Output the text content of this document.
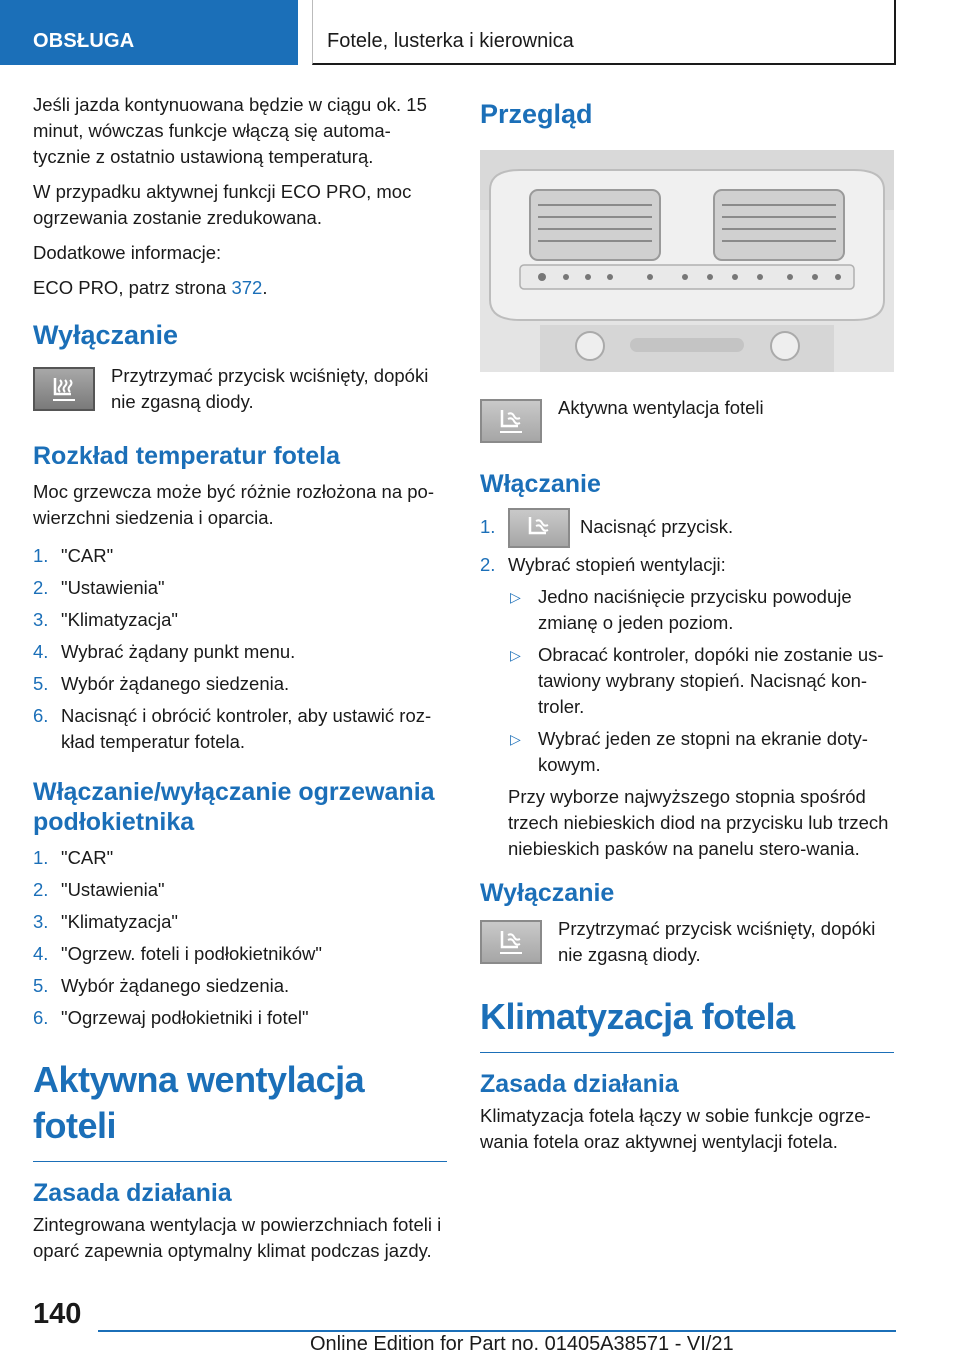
OBSŁUGA	Fotele, lusterka i kierownica

Jeśli jazda kontynuowana będzie w ciągu ok. 15 minut, wówczas funkcje włączą się automa-tycznie z ostatnio ustawioną temperaturą.

W przypadku aktywnej funkcji ECO PRO, moc ogrzewania zostanie zredukowana.

Dodatkowe informacje:

ECO PRO, patrz strona 372.

Wyłączanie

Przytrzymać przycisk wciśnięty, dopóki nie zgasną diody.

Rozkład temperatur fotela

Moc grzewcza może być różnie rozłożona na po-wierzchni siedzenia i oparcia.

1. "CAR"
2. "Ustawienia"
3. "Klimatyzacja"
4. Wybrać żądany punkt menu.
5. Wybór żądanego siedzenia.
6. Nacisnąć i obrócić kontroler, aby ustawić roz-kład temperatur fotela.
Włączanie/wyłączanie ogrzewania podłokietnika
1. "CAR"
2. "Ustawienia"
3. "Klimatyzacja"
4. "Ogrzew. foteli i podłokietników"
5. Wybór żądanego siedzenia.
6. "Ogrzewaj podłokietniki i fotel"
Aktywna wentylacja foteli
Zasada działania

Zintegrowana wentylacja w powierzchniach foteli i oparć zapewnia optymalny klimat podczas jazdy.

Przegląd

Aktywna wentylacja foteli

Włączanie
1.	Nacisnąć przycisk.
2. Wybrać stopień wentylacji:
▷ Jedno naciśnięcie przycisku powoduje zmianę o jeden poziom.
▷ Obracać kontroler, dopóki nie zostanie us-tawiony wybrany stopień. Nacisnąć kon-troler.
▷ Wybrać jeden ze stopni na ekranie doty-kowym.

Przy wyborze najwyższego stopnia spośród trzech niebieskich diod na przycisku lub trzech niebieskich pasków na panelu stero-wania.

Wyłączanie

Przytrzymać przycisk wciśnięty, dopóki nie zgasną diody.

Klimatyzacja fotela
Zasada działania

Klimatyzacja fotela łączy w sobie funkcje ogrze-wania fotela oraz aktywnej wentylacji fotela.

140
Online Edition for Part no. 01405A38571 - VI/21
